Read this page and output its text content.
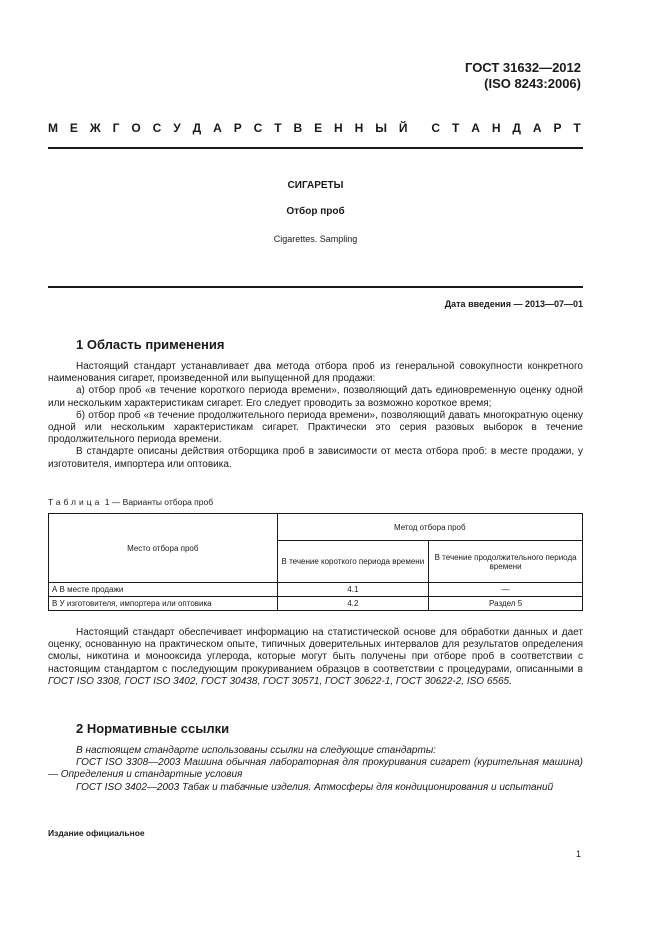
ГОСТ 31632—2012
(ISO 8243:2006)
М Е Ж Г О С У Д А Р С Т В Е Н Н Ы Й С Т А Н Д А Р Т
СИГАРЕТЫ
Отбор проб
Cigarettes. Sampling
Дата введения — 2013—07—01
1 Область применения

Настоящий стандарт устанавливает два метода отбора проб из генеральной совокупности конкретного наименования сигарет, произведенной или выпущенной для продажи:

а) отбор проб «в течение короткого периода времени», позволяющий дать единовременную оценку одной или нескольким характеристикам сигарет. Его следует проводить за возможно короткое время;

б) отбор проб «в течение продолжительного периода времени», позволяющий давать многократную оценку одной или нескольким характеристикам сигарет. Практически это серия разовых выборок в течение продолжительного периода времени.

В стандарте описаны действия отборщика проб в зависимости от места отбора проб: в месте продажи, у изготовителя, импортера или оптовика.

Таблица 1 — Варианты отбора проб
Место отбора проб	Метод отбора проб	
	В течение короткого периода времени	В течение продолжительного периода времени
А В месте продажи	4.1	—
В У изготовителя, импортера или оптовика	4.2	Раздел 5

Настоящий стандарт обеспечивает информацию на статистической основе для обработки данных и дает оценку, основанную на практическом опыте, типичных доверительных интервалов для результатов определения смолы, никотина и монооксида углерода, которые могут быть получены при отборе проб в соответствии с настоящим стандартом с последующим прокуриванием образцов в соответствии с процедурами, описанными в ГОСТ ISO 3308, ГОСТ ISO 3402, ГОСТ 30438, ГОСТ 30571, ГОСТ 30622-1, ГОСТ 30622-2, ISO 6565.

2 Нормативные ссылки

В настоящем стандарте использованы ссылки на следующие стандарты:

ГОСТ ISO 3308—2003 Машина обычная лабораторная для прокуривания сигарет (курительная машина) — Определения и стандартные условия

ГОСТ ISO 3402—2003 Табак и табачные изделия. Атмосферы для кондиционирования и испытаний

Издание официальное
1
